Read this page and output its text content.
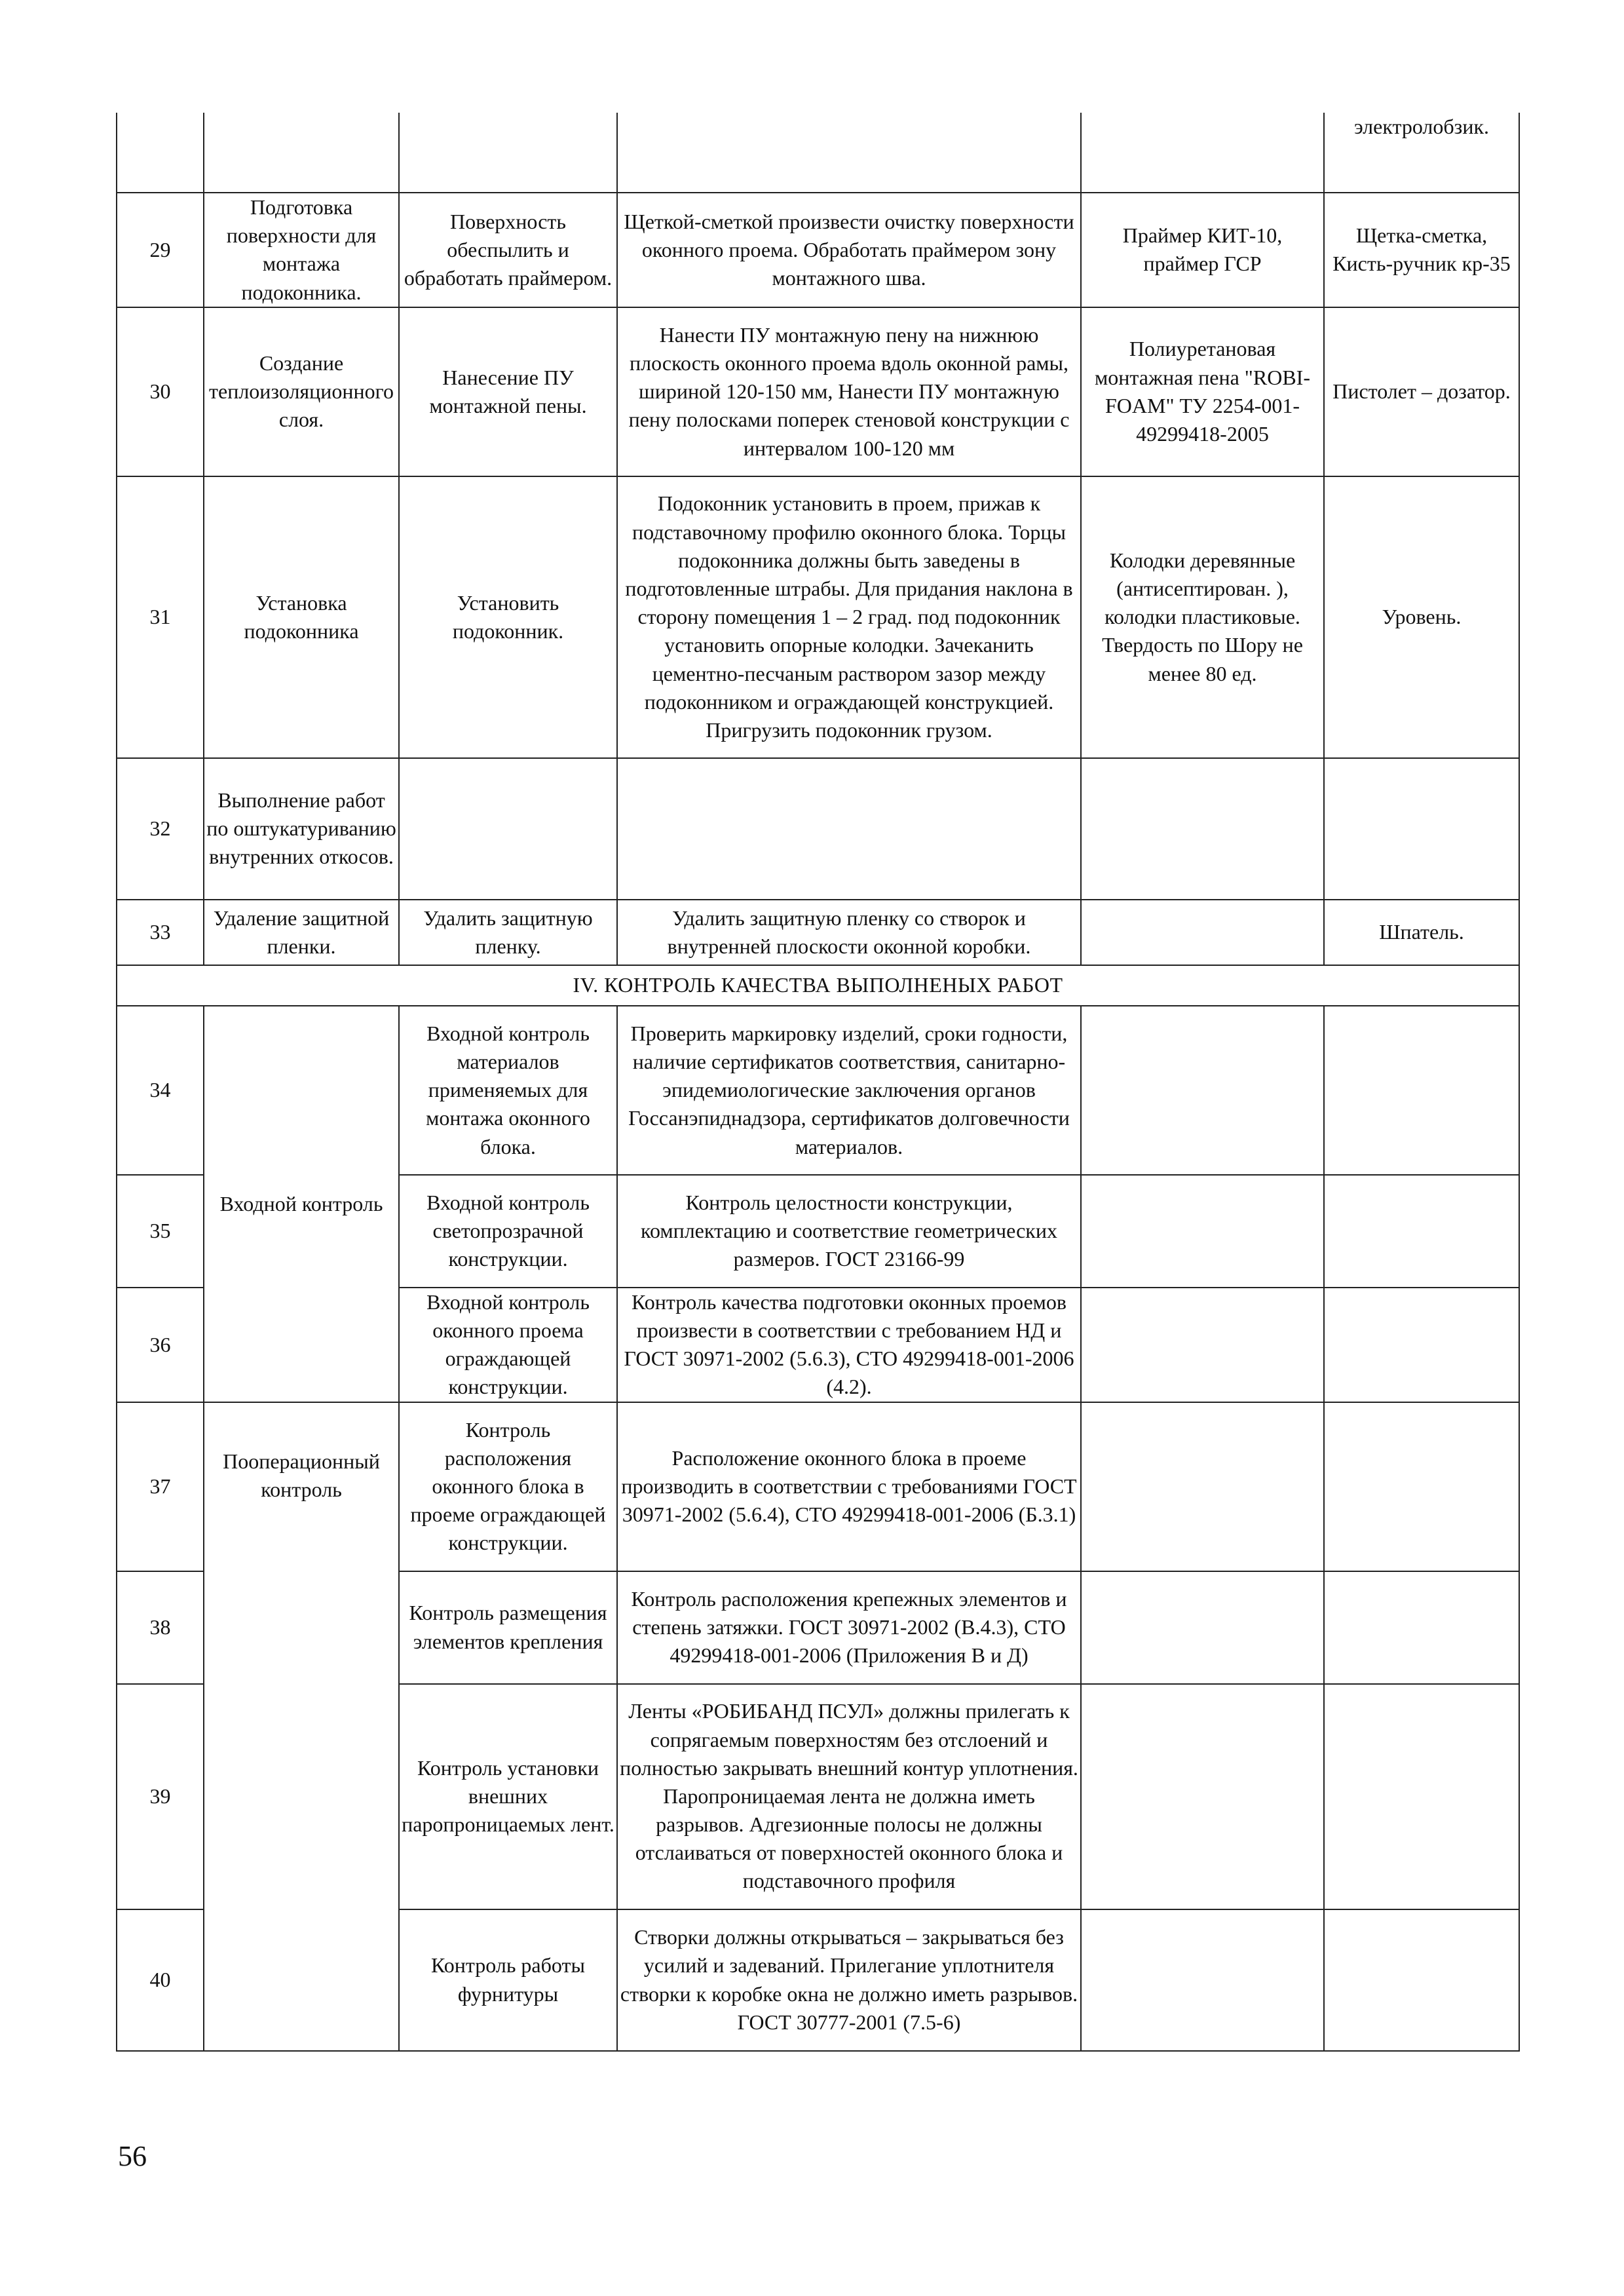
					электролобзик.
29	Подготовка поверхности для монтажа подоконника.	Поверхность обеспылить и обработать праймером.	Щеткой-сметкой произвести очистку поверхности оконного проема. Обработать праймером зону монтажного шва.	Праймер КИТ-10, праймер ГСР	Щетка-сметка, Кисть-ручник кр-35
30	Создание теплоизоляционного слоя.	Нанесение ПУ монтажной пены.	Нанести ПУ монтажную пену на нижнюю плоскость оконного проема вдоль оконной рамы, шириной 120-150 мм, Нанести ПУ монтажную пену полосками поперек стеновой конструкции с интервалом 100-120 мм	Полиуретановая монтажная пена "ROBI-FOAM" ТУ 2254-001-49299418-2005	Пистолет – дозатор.
31	Установка подоконника	Установить подоконник.	Подоконник установить в проем, прижав к подставочному профилю оконного блока. Торцы подоконника должны быть заведены в подготовленные штрабы. Для придания наклона в сторону помещения 1 – 2 град. под подоконник установить опорные колодки. Зачеканить цементно-песчаным раствором зазор между подоконником и ограждающей конструкцией. Пригрузить подоконник грузом.	Колодки деревянные (антисептирован. ), колодки пластиковые. Твердость по Шору не менее 80 ед.	Уровень.
32	Выполнение работ по оштукатуриванию внутренних откосов.				
33	Удаление защитной пленки.	Удалить защитную пленку.	Удалить защитную пленку со створок и внутренней плоскости оконной коробки.		Шпатель.
IV. КОНТРОЛЬ КАЧЕСТВА ВЫПОЛНЕНЫХ РАБОТ					
34	Входной контроль	Входной контроль материалов применяемых для монтажа оконного блока.	Проверить маркировку изделий, сроки годности, наличие сертификатов соответствия, санитарно-эпидемиологические заключения органов Госсанэпиднадзора, сертификатов долговечности материалов.		
35		Входной контроль светопрозрачной конструкции.	Контроль целостности конструкции, комплектацию и соответствие геометрических размеров. ГОСТ 23166-99		
36		Входной контроль оконного проема ограждающей конструкции.	Контроль качества подготовки оконных проемов произвести в соответствии с требованием НД и ГОСТ 30971-2002 (5.6.3), СТО 49299418-001-2006 (4.2).		
37	Пооперационный контроль	Контроль расположения оконного блока в проеме ограждающей конструкции.	Расположение оконного блока в проеме производить в соответствии с требованиями ГОСТ 30971-2002 (5.6.4), СТО 49299418-001-2006 (Б.3.1)		
38		Контроль размещения элементов крепления	Контроль расположения крепежных элементов и степень затяжки. ГОСТ 30971-2002 (В.4.3), СТО 49299418-001-2006 (Приложения В и Д)		
39		Контроль установки внешних паропроницаемых лент.	Ленты «РОБИБАНД ПСУЛ» должны прилегать к сопрягаемым поверхностям без отслоений и полностью закрывать внешний контур уплотнения. Паропроницаемая лента не должна иметь разрывов. Адгезионные полосы не должны отслаиваться от поверхностей оконного блока и подставочного профиля		
40		Контроль работы фурнитуры	Створки должны открываться – закрываться без усилий и задеваний. Прилегание уплотнителя створки к коробке окна не должно иметь разрывов. ГОСТ 30777-2001 (7.5-6)		
56
